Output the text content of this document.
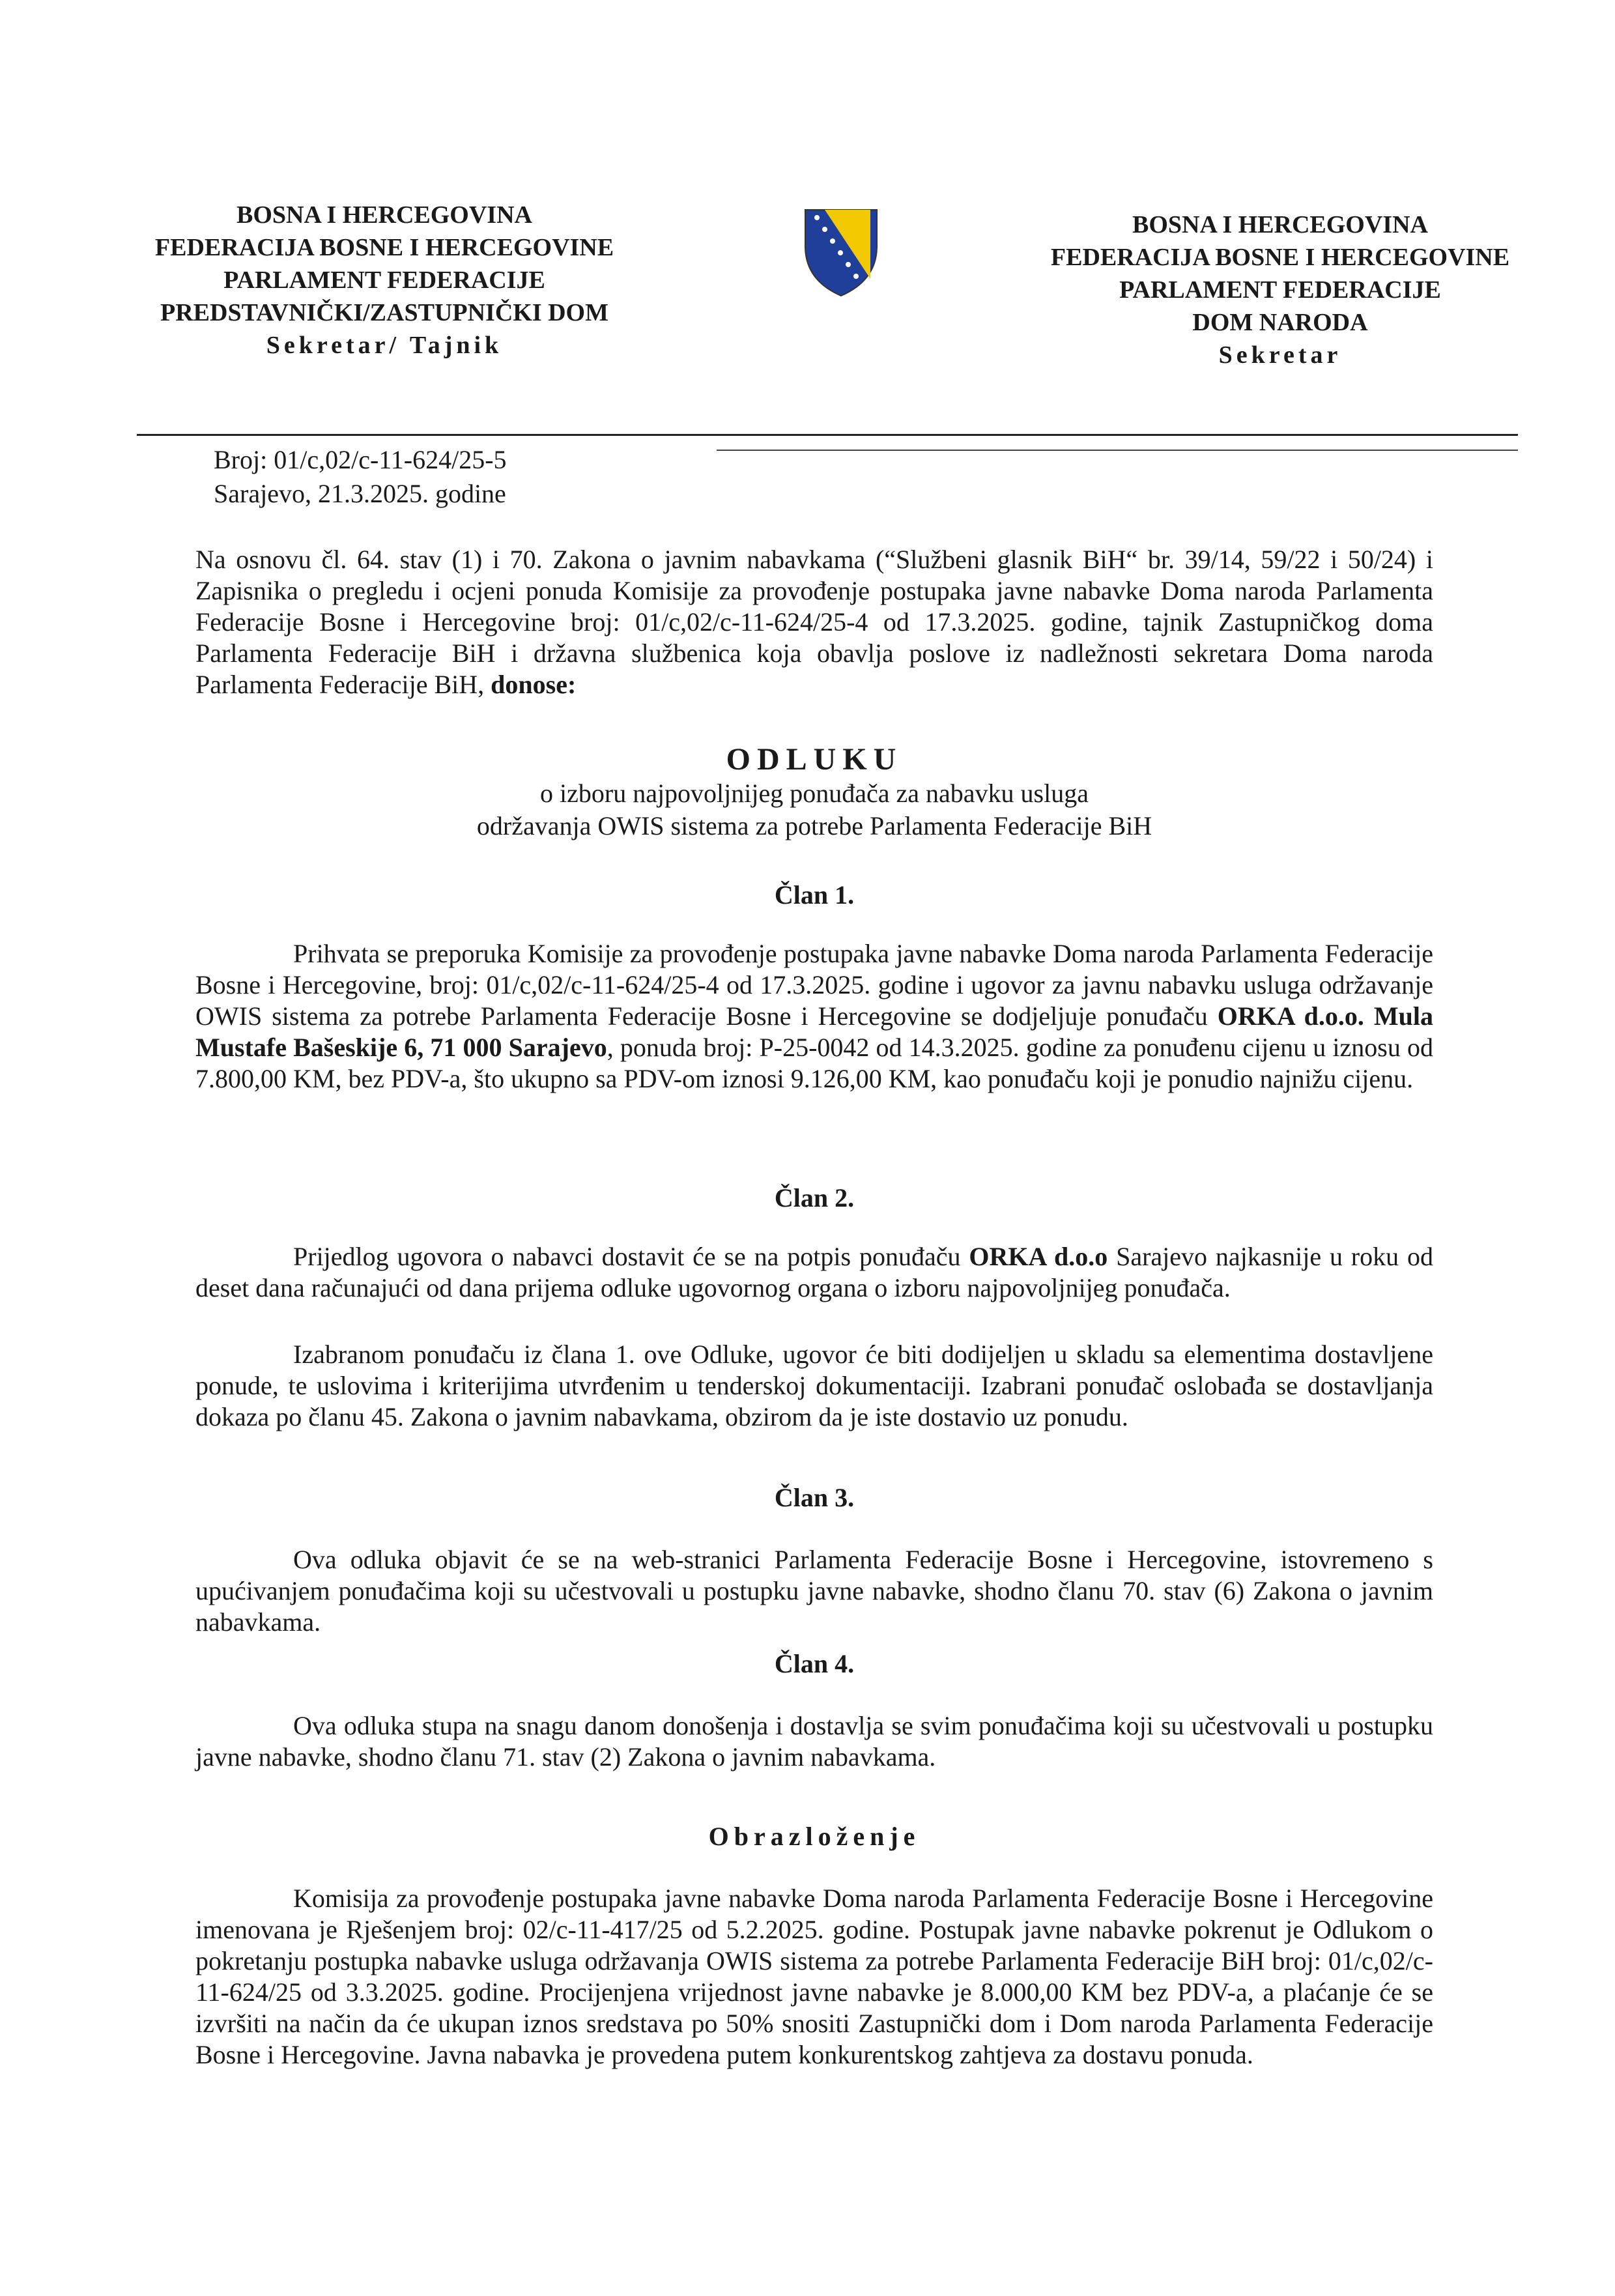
BOSNA I HERCEGOVINA
FEDERACIJA BOSNE I HERCEGOVINE
PARLAMENT FEDERACIJE
PREDSTAVNIČKI/ZASTUPNIČKI DOM
Sekretar/ Tajnik
BOSNA I HERCEGOVINA
FEDERACIJA BOSNE I HERCEGOVINE
PARLAMENT FEDERACIJE
DOM NARODA
Sekretar
Broj: 01/c,02/c-11-624/25-5
Sarajevo, 21.3.2025. godine
Na osnovu čl. 64. stav (1) i 70. Zakona o javnim nabavkama (“Službeni glasnik BiH“ br. 39/14, 59/22 i 50/24) i Zapisnika o pregledu i ocjeni ponuda Komisije za provođenje postupaka javne nabavke Doma naroda Parlamenta Federacije Bosne i Hercegovine broj: 01/c,02/c-11-624/25-4 od 17.3.2025. godine, tajnik Zastupničkog doma Parlamenta Federacije BiH i državna službenica koja obavlja poslove iz nadležnosti sekretara Doma naroda Parlamenta Federacije BiH, donose:
ODLUKU
o izboru najpovoljnijeg ponuđača za nabavku usluga
održavanja OWIS sistema za potrebe Parlamenta Federacije BiH
Član 1.
Prihvata se preporuka Komisije za provođenje postupaka javne nabavke Doma naroda Parlamenta Federacije Bosne i Hercegovine, broj: 01/c,02/c-11-624/25-4 od 17.3.2025. godine i ugovor za javnu nabavku usluga održavanje OWIS sistema za potrebe Parlamenta Federacije Bosne i Hercegovine se dodjeljuje ponuđaču ORKA d.o.o. Mula Mustafe Bašeskije 6, 71 000 Sarajevo, ponuda broj: P-25-0042 od 14.3.2025. godine za ponuđenu cijenu u iznosu od 7.800,00 KM, bez PDV-a, što ukupno sa PDV-om iznosi 9.126,00 KM, kao ponuđaču koji je ponudio najnižu cijenu.
Član 2.
Prijedlog ugovora o nabavci dostavit će se na potpis ponuđaču ORKA d.o.o Sarajevo najkasnije u roku od deset dana računajući od dana prijema odluke ugovornog organa o izboru najpovoljnijeg ponuđača.
Izabranom ponuđaču iz člana 1. ove Odluke, ugovor će biti dodijeljen u skladu sa elementima dostavljene ponude, te uslovima i kriterijima utvrđenim u tenderskoj dokumentaciji. Izabrani ponuđač oslobađa se dostavljanja dokaza po članu 45. Zakona o javnim nabavkama, obzirom da je iste dostavio uz ponudu.
Član 3.
Ova odluka objavit će se na web-stranici Parlamenta Federacije Bosne i Hercegovine, istovremeno s upućivanjem ponuđačima koji su učestvovali u postupku javne nabavke, shodno članu 70. stav (6) Zakona o javnim nabavkama.
Član 4.
Ova odluka stupa na snagu danom donošenja i dostavlja se svim ponuđačima koji su učestvovali u postupku javne nabavke, shodno članu 71. stav (2) Zakona o javnim nabavkama.
Obrazloženje
Komisija za provođenje postupaka javne nabavke Doma naroda Parlamenta Federacije Bosne i Hercegovine imenovana je Rješenjem broj: 02/c-11-417/25 od 5.2.2025. godine. Postupak javne nabavke pokrenut je Odlukom o pokretanju postupka nabavke usluga održavanja OWIS sistema za potrebe Parlamenta Federacije BiH broj: 01/c,02/c-11-624/25 od 3.3.2025. godine. Procijenjena vrijednost javne nabavke je 8.000,00 KM bez PDV-a, a plaćanje će se izvršiti na način da će ukupan iznos sredstava po 50% snositi Zastupnički dom i Dom naroda Parlamenta Federacije Bosne i Hercegovine. Javna nabavka je provedena putem konkurentskog zahtjeva za dostavu ponuda.
